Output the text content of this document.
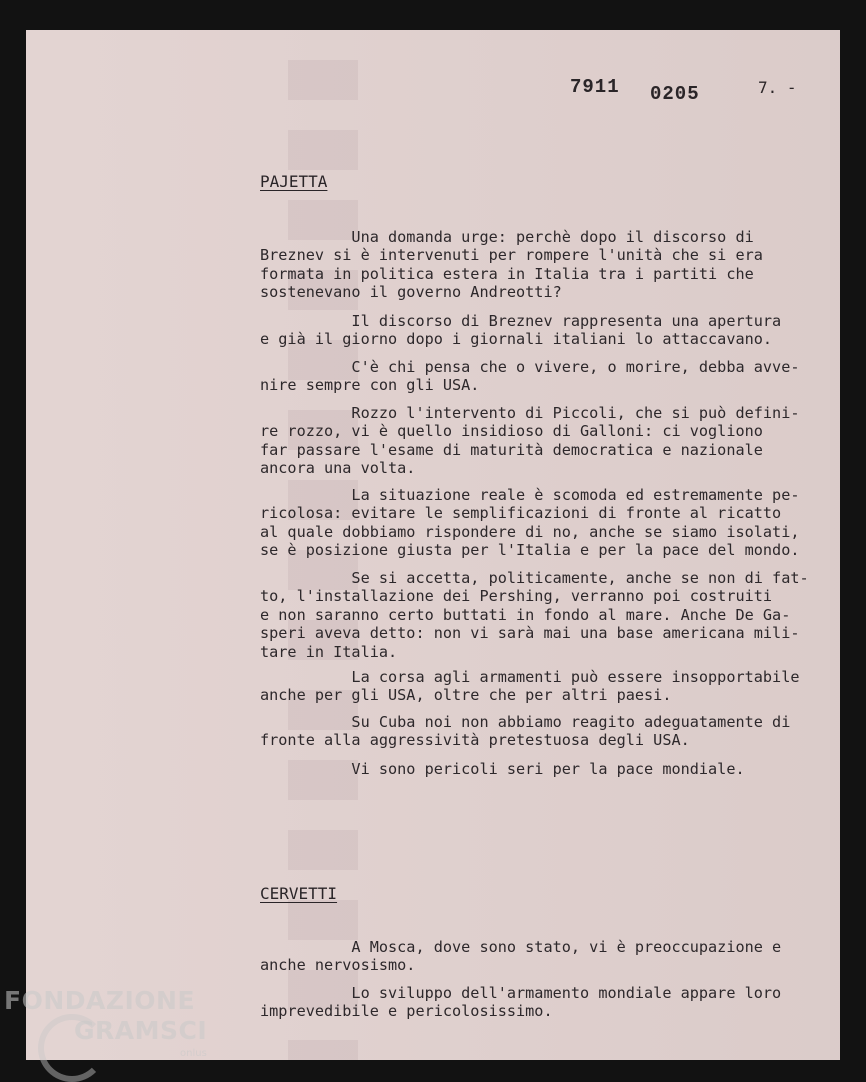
7911 0205	7. -
PAJETTA

Una domanda urge: perchè dopo il discorso di
Breznev si è intervenuti per rompere l'unità che si era
formata in politica estera in Italia tra i partiti che
sostenevano il governo Andreotti?

Il discorso di Breznev rappresenta una apertura
e già il giorno dopo i giornali italiani lo attaccavano.

C'è chi pensa che o vivere, o morire, debba avve-
nire sempre con gli USA.

Rozzo l'intervento di Piccoli, che si può defini-
re rozzo, vi è quello insidioso di Galloni: ci vogliono
far passare l'esame di maturità democratica e nazionale
ancora una volta.

La situazione reale è scomoda ed estremamente pe-
ricolosa: evitare le semplificazioni di fronte al ricatto
al quale dobbiamo rispondere di no, anche se siamo isolati,
se è posizione giusta per l'Italia e per la pace del mondo.

Se si accetta, politicamente, anche se non di fat-
to, l'installazione dei Pershing, verranno poi costruiti
e non saranno certo buttati in fondo al mare. Anche De Ga-
speri aveva detto: non vi sarà mai una base americana mili-
tare in Italia.

La corsa agli armamenti può essere insopportabile
anche per gli USA, oltre che per altri paesi.

Su Cuba noi non abbiamo reagito adeguatamente di
fronte alla aggressività pretestuosa degli USA.

Vi sono pericoli seri per la pace mondiale.

CERVETTI

A Mosca, dove sono stato, vi è preoccupazione e
anche nervosismo.

Lo sviluppo dell'armamento mondiale appare loro
imprevedibile e pericolosissimo.

FONDAZIONE
GRAMSCI
onlus
